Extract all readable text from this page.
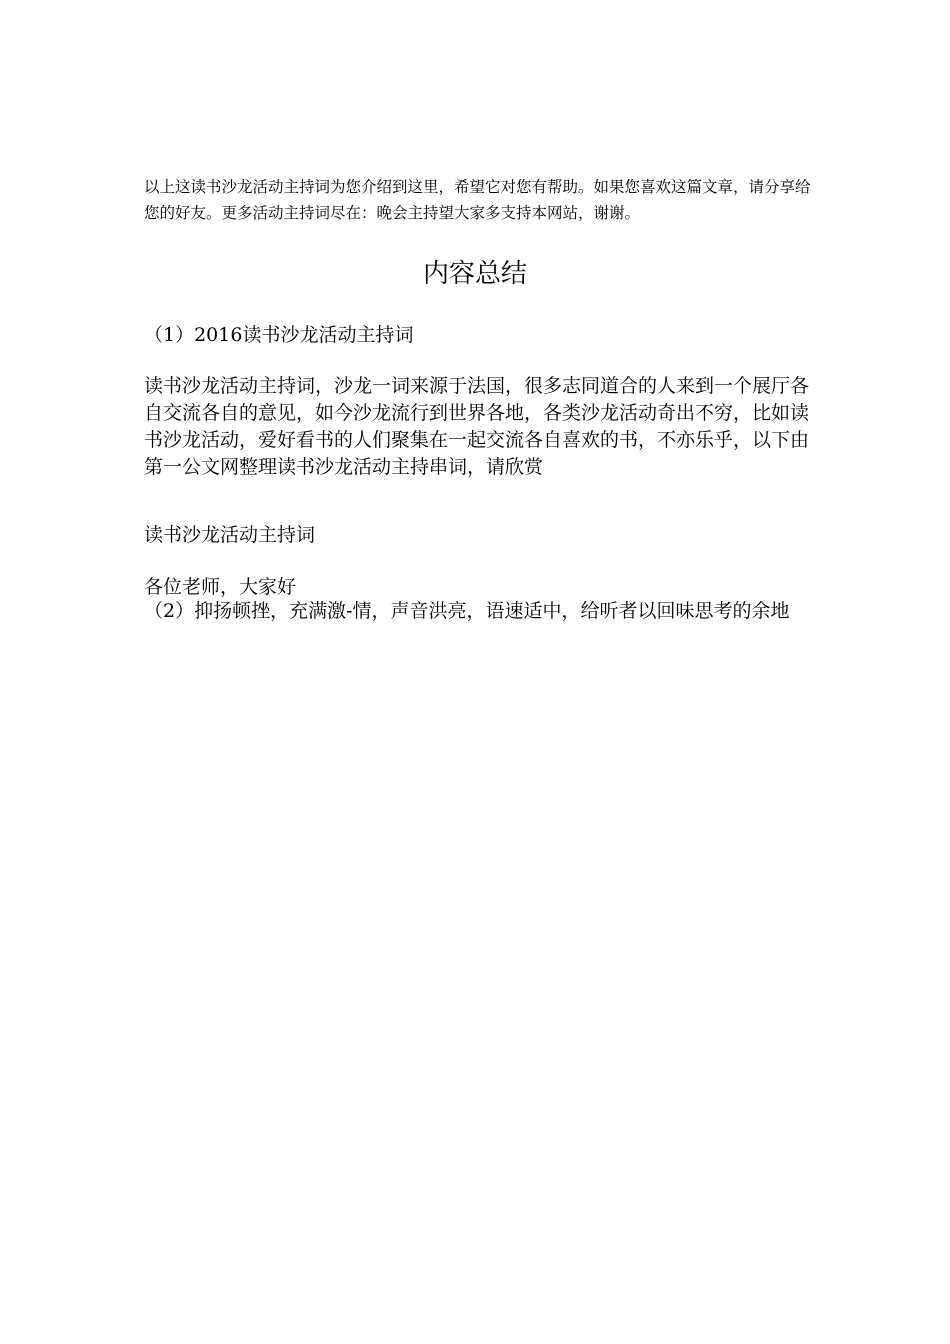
以上这读书沙龙活动主持词为您介绍到这里，希望它对您有帮助。如果您喜欢这篇文章，请分享给您的好友。更多活动主持词尽在：晚会主持望大家多支持本网站，谢谢。

内容总结

（1）2016读书沙龙活动主持词

读书沙龙活动主持词，沙龙一词来源于法国，很多志同道合的人来到一个展厅各自交流各自的意见，如今沙龙流行到世界各地，各类沙龙活动奇出不穷，比如读书沙龙活动，爱好看书的人们聚集在一起交流各自喜欢的书，不亦乐乎，以下由第一公文网整理读书沙龙活动主持串词，请欣赏

读书沙龙活动主持词

各位老师，大家好

（2）抑扬顿挫，充满激-情，声音洪亮，语速适中，给听者以回味思考的余地
